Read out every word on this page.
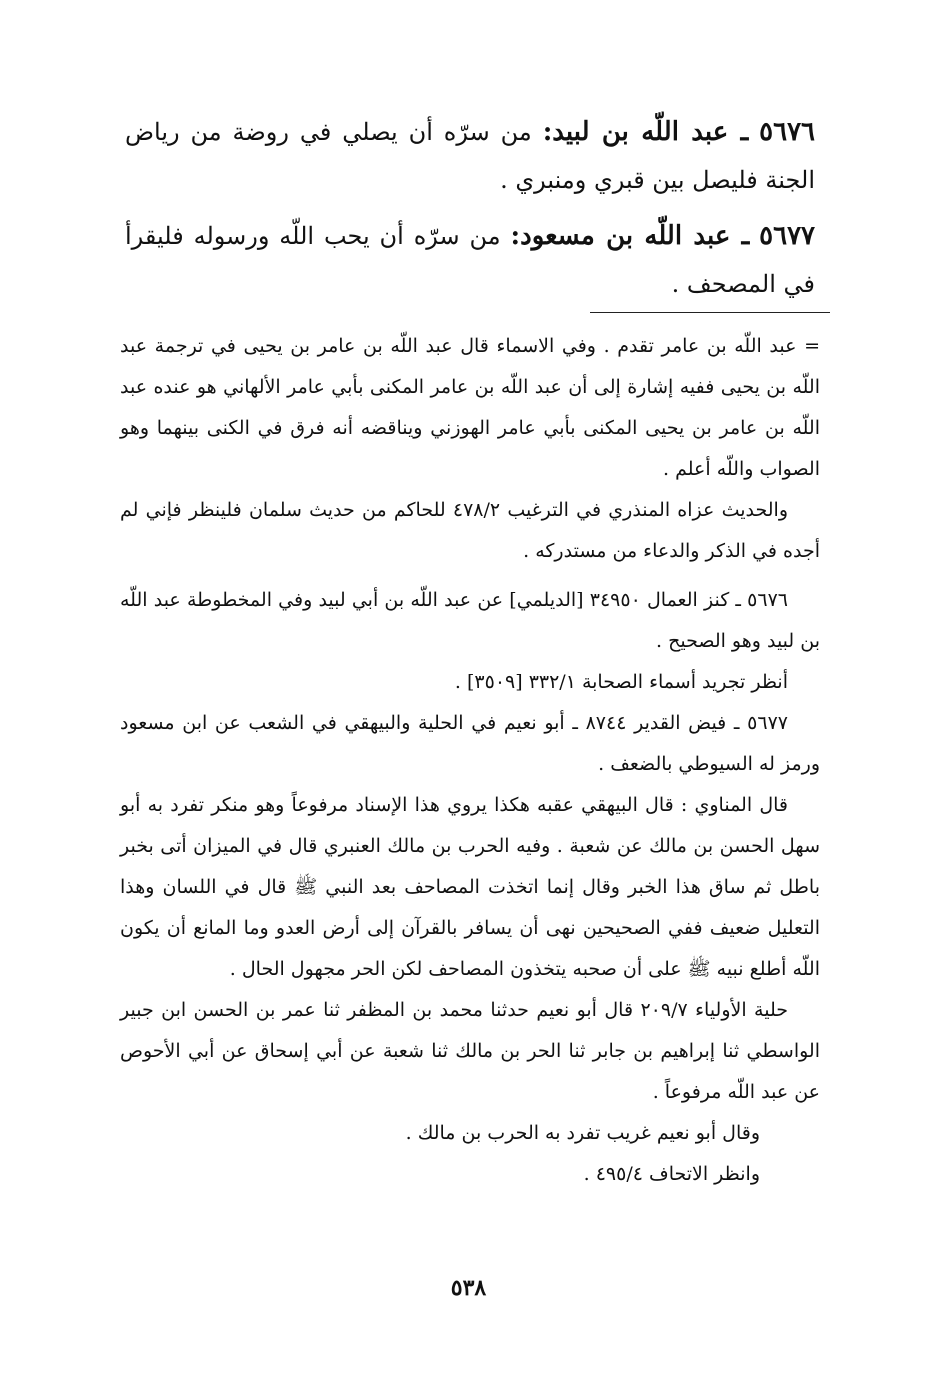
٥٦٧٦ ـ عبد اللّه بن لبيد: من سرّه أن يصلي في روضة من رياض الجنة فليصل بين قبري ومنبري .

٥٦٧٧ ـ عبد اللّه بن مسعود: من سرّه أن يحب اللّه ورسوله فليقرأ في المصحف .

= عبد اللّه بن عامر تقدم . وفي الاسماء قال عبد اللّه بن عامر بن يحيى في ترجمة عبد اللّه بن يحيى ففيه إشارة إلى أن عبد اللّه بن عامر المكنى بأبي عامر الألهاني هو عنده عبد اللّه بن عامر بن يحيى المكنى بأبي عامر الهوزني ويناقضه أنه فرق في الكنى بينهما وهو الصواب واللّه أعلم .

والحديث عزاه المنذري في الترغيب ٤٧٨/٢ للحاكم من حديث سلمان فلينظر فإني لم أجده في الذكر والدعاء من مستدركه .

٥٦٧٦ ـ كنز العمال ٣٤٩٥٠ [الديلمي] عن عبد اللّه بن أبي لبيد وفي المخطوطة عبد اللّه بن لبيد وهو الصحيح .

أنظر تجريد أسماء الصحابة ٣٣٢/١ [٣٥٠٩] .

٥٦٧٧ ـ فيض القدير ٨٧٤٤ ـ أبو نعيم في الحلية والبيهقي في الشعب عن ابن مسعود ورمز له السيوطي بالضعف .

قال المناوي : قال البيهقي عقبه هكذا يروي هذا الإسناد مرفوعاً وهو منكر تفرد به أبو سهل الحسن بن مالك عن شعبة . وفيه الحرب بن مالك العنبري قال في الميزان أتى بخبر باطل ثم ساق هذا الخبر وقال إنما اتخذت المصاحف بعد النبي ﷺ قال في اللسان وهذا التعليل ضعيف ففي الصحيحين نهى أن يسافر بالقرآن إلى أرض العدو وما المانع أن يكون اللّه أطلع نبيه ﷺ على أن صحبه يتخذون المصاحف لكن الحر مجهول الحال .

حلية الأولياء ٢٠٩/٧ قال أبو نعيم حدثنا محمد بن المظفر ثنا عمر بن الحسن ابن جبير الواسطي ثنا إبراهيم بن جابر ثنا الحر بن مالك ثنا شعبة عن أبي إسحاق عن أبي الأحوص عن عبد اللّه مرفوعاً .

وقال أبو نعيم غريب تفرد به الحرب بن مالك .

وانظر الاتحاف ٤٩٥/٤ .

٥٣٨
